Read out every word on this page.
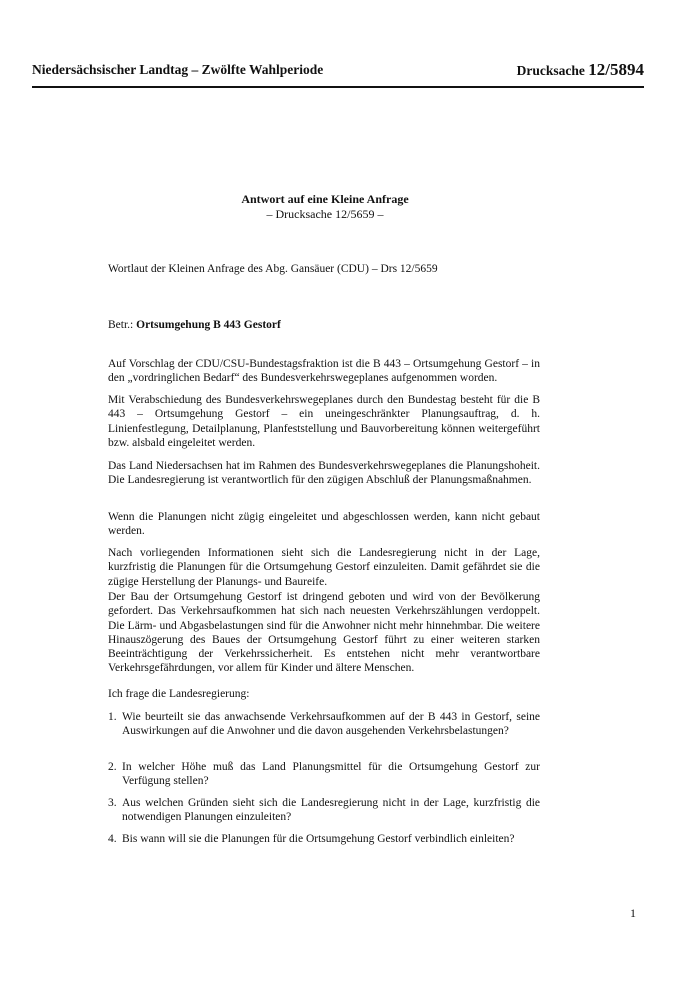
Niedersächsischer Landtag – Zwölfte Wahlperiode	Drucksache 12/5894
Antwort auf eine Kleine Anfrage
– Drucksache 12/5659 –
Wortlaut der Kleinen Anfrage des Abg. Gansäuer (CDU) – Drs 12/5659
Betr.: Ortsumgehung B 443 Gestorf
Auf Vorschlag der CDU/CSU-Bundestagsfraktion ist die B 443 – Ortsumgehung Gestorf – in den „vordringlichen Bedarf“ des Bundesverkehrswegeplanes aufgenommen worden.
Mit Verabschiedung des Bundesverkehrswegeplanes durch den Bundestag besteht für die B 443 – Ortsumgehung Gestorf – ein uneingeschränkter Planungsauftrag, d. h. Linienfestlegung, Detailplanung, Planfeststellung und Bauvorbereitung können weitergeführt bzw. alsbald eingeleitet werden.
Das Land Niedersachsen hat im Rahmen des Bundesverkehrswegeplanes die Planungshoheit. Die Landesregierung ist verantwortlich für den zügigen Abschluß der Planungsmaßnahmen.
Wenn die Planungen nicht zügig eingeleitet und abgeschlossen werden, kann nicht gebaut werden.
Nach vorliegenden Informationen sieht sich die Landesregierung nicht in der Lage, kurzfristig die Planungen für die Ortsumgehung Gestorf einzuleiten. Damit gefährdet sie die zügige Herstellung der Planungs- und Baureife.
Der Bau der Ortsumgehung Gestorf ist dringend geboten und wird von der Bevölkerung gefordert. Das Verkehrsaufkommen hat sich nach neuesten Verkehrszählungen verdoppelt. Die Lärm- und Abgasbelastungen sind für die Anwohner nicht mehr hinnehmbar. Die weitere Hinauszögerung des Baues der Ortsumgehung Gestorf führt zu einer weiteren starken Beeinträchtigung der Verkehrssicherheit. Es entstehen nicht mehr verantwortbare Verkehrsgefährdungen, vor allem für Kinder und ältere Menschen.
Ich frage die Landesregierung:
1. Wie beurteilt sie das anwachsende Verkehrsaufkommen auf der B 443 in Gestorf, seine Auswirkungen auf die Anwohner und die davon ausgehenden Verkehrsbelastungen?
2. In welcher Höhe muß das Land Planungsmittel für die Ortsumgehung Gestorf zur Verfügung stellen?
3. Aus welchen Gründen sieht sich die Landesregierung nicht in der Lage, kurzfristig die notwendigen Planungen einzuleiten?
4. Bis wann will sie die Planungen für die Ortsumgehung Gestorf verbindlich einleiten?
1
